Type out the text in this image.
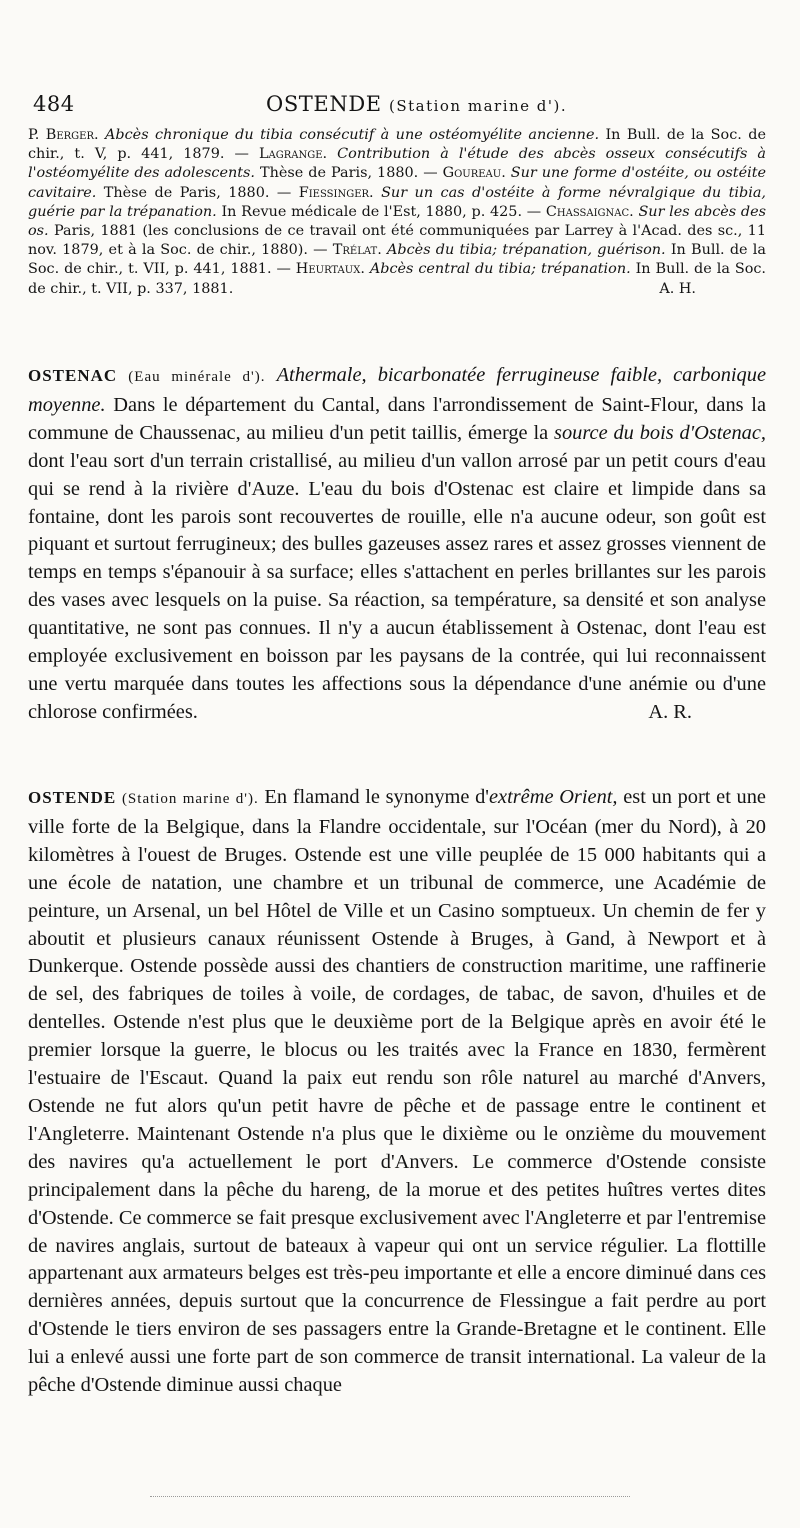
484	OSTENDE (Station marine d').

P. Berger. Abcès chronique du tibia consécutif à une ostéomyélite ancienne. In Bull. de la Soc. de chir., t. V, p. 441, 1879. — Lagrange. Contribution à l'étude des abcès osseux consécutifs à l'ostéomyélite des adolescents. Thèse de Paris, 1880. — Goureau. Sur une forme d'ostéite, ou ostéite cavitaire. Thèse de Paris, 1880. — Fiessinger. Sur un cas d'ostéite à forme névralgique du tibia, guérie par la trépanation. In Revue médicale de l'Est, 1880, p. 425. — Chassaignac. Sur les abcès des os. Paris, 1881 (les conclusions de ce travail ont été communiquées par Larrey à l'Acad. des sc., 11 nov. 1879, et à la Soc. de chir., 1880). — Trélat. Abcès du tibia; trépanation, guérison. In Bull. de la Soc. de chir., t. VII, p. 441, 1881. — Heurtaux. Abcès central du tibia; trépanation. In Bull. de la Soc. de chir., t. VII, p. 337, 1881.	A. H.

OSTENAC (Eau minérale d'). Athermale, bicarbonatée ferrugineuse faible, carbonique moyenne. Dans le département du Cantal, dans l'arrondissement de Saint-Flour, dans la commune de Chaussenac, au milieu d'un petit taillis, émerge la source du bois d'Ostenac, dont l'eau sort d'un terrain cristallisé, au milieu d'un vallon arrosé par un petit cours d'eau qui se rend à la rivière d'Auze. L'eau du bois d'Ostenac est claire et limpide dans sa fontaine, dont les parois sont recouvertes de rouille, elle n'a aucune odeur, son goût est piquant et surtout ferrugineux; des bulles gazeuses assez rares et assez grosses viennent de temps en temps s'épanouir à sa surface; elles s'attachent en perles brillantes sur les parois des vases avec lesquels on la puise. Sa réaction, sa température, sa densité et son analyse quantitative, ne sont pas connues. Il n'y a aucun établissement à Ostenac, dont l'eau est employée exclusivement en boisson par les paysans de la contrée, qui lui reconnaissent une vertu marquée dans toutes les affections sous la dépendance d'une anémie ou d'une chlorose confirmées.	A. R.

OSTENDE (Station marine d'). En flamand le synonyme d'extrême Orient, est un port et une ville forte de la Belgique, dans la Flandre occidentale, sur l'Océan (mer du Nord), à 20 kilomètres à l'ouest de Bruges. Ostende est une ville peuplée de 15 000 habitants qui a une école de natation, une chambre et un tribunal de commerce, une Académie de peinture, un Arsenal, un bel Hôtel de Ville et un Casino somptueux. Un chemin de fer y aboutit et plusieurs canaux réunissent Ostende à Bruges, à Gand, à Newport et à Dunkerque. Ostende possède aussi des chantiers de construction maritime, une raffinerie de sel, des fabriques de toiles à voile, de cordages, de tabac, de savon, d'huiles et de dentelles. Ostende n'est plus que le deuxième port de la Belgique après en avoir été le premier lorsque la guerre, le blocus ou les traités avec la France en 1830, fermèrent l'estuaire de l'Escaut. Quand la paix eut rendu son rôle naturel au marché d'Anvers, Ostende ne fut alors qu'un petit havre de pêche et de passage entre le continent et l'Angleterre. Maintenant Ostende n'a plus que le dixième ou le onzième du mouvement des navires qu'a actuellement le port d'Anvers. Le commerce d'Ostende consiste principalement dans la pêche du hareng, de la morue et des petites huîtres vertes dites d'Ostende. Ce commerce se fait presque exclusivement avec l'Angleterre et par l'entremise de navires anglais, surtout de bateaux à vapeur qui ont un service régulier. La flottille appartenant aux armateurs belges est très-peu importante et elle a encore diminué dans ces dernières années, depuis surtout que la concurrence de Flessingue a fait perdre au port d'Ostende le tiers environ de ses passagers entre la Grande-Bretagne et le continent. Elle lui a enlevé aussi une forte part de son commerce de transit international. La valeur de la pêche d'Ostende diminue aussi chaque
